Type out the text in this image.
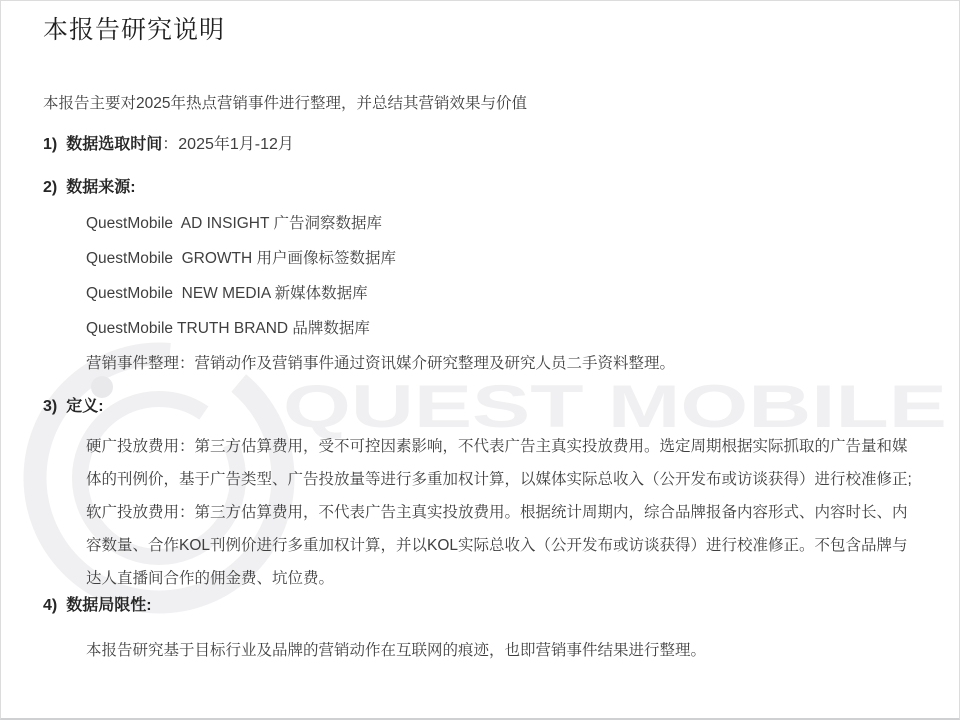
QUEST MOBILE
本报告研究说明

本报告主要对2025年热点营销事件进行整理，并总结其营销效果与价值

1) 数据选取时间：2025年1月-12月

2) 数据来源:

QuestMobile  AD INSIGHT 广告洞察数据库
QuestMobile  GROWTH 用户画像标签数据库
QuestMobile  NEW MEDIA 新媒体数据库
QuestMobile TRUTH BRAND 品牌数据库
营销事件整理：营销动作及营销事件通过资讯媒介研究整理及研究人员二手资料整理。

3) 定义:

硬广投放费用：第三方估算费用，受不可控因素影响，不代表广告主真实投放费用。选定周期根据实际抓取的广告量和媒体的刊例价，基于广告类型、广告投放量等进行多重加权计算，以媒体实际总收入（公开发布或访谈获得）进行校准修正;

软广投放费用：第三方估算费用，不代表广告主真实投放费用。根据统计周期内，综合品牌报备内容形式、内容时长、内容数量、合作KOL刊例价进行多重加权计算，并以KOL实际总收入（公开发布或访谈获得）进行校准修正。不包含品牌与达人直播间合作的佣金费、坑位费。

4) 数据局限性:

本报告研究基于目标行业及品牌的营销动作在互联网的痕迹，也即营销事件结果进行整理。
